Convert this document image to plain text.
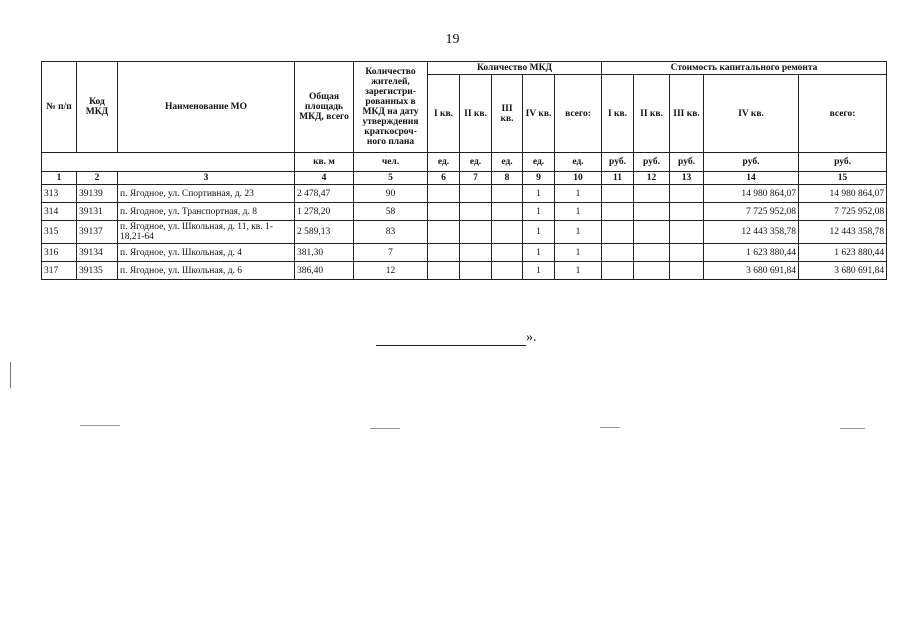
19
№ п/п	Код МКД	Наименование МО	Общая площадь МКД, всего	Количество жителей, зарегистри-рованных в МКД на дату утверждения краткосроч-ного плана	Количество МКД					Стоимость капитального ремонта				
					I кв.	II кв.	III кв.	IV кв.	всего:	I кв.	II кв.	III кв.	IV кв.	всего:
			кв. м	чел.	ед.	ед.	ед.	ед.	ед.	руб.	руб.	руб.	руб.	руб.
1	2	3	4	5	6	7	8	9	10	11	12	13	14	15
313	39139	п. Ягодное, ул. Спортивная, д. 23	2 478,47	90				1	1				14 980 864,07	14 980 864,07
314	39131	п. Ягодное, ул. Транспортная, д. 8	1 278,20	58				1	1				7 725 952,08	7 725 952,08
315	39137	п. Ягодное, ул. Школьная, д. 11, кв. 1-18,21-64	2 589,13	83				1	1				12 443 358,78	12 443 358,78
316	39134	п. Ягодное, ул. Школьная, д. 4	381,30	7				1	1				1 623 880,44	1 623 880,44
317	39135	п. Ягодное, ул. Школьная, д. 6	386,40	12				1	1				3 680 691,84	3 680 691,84
».
